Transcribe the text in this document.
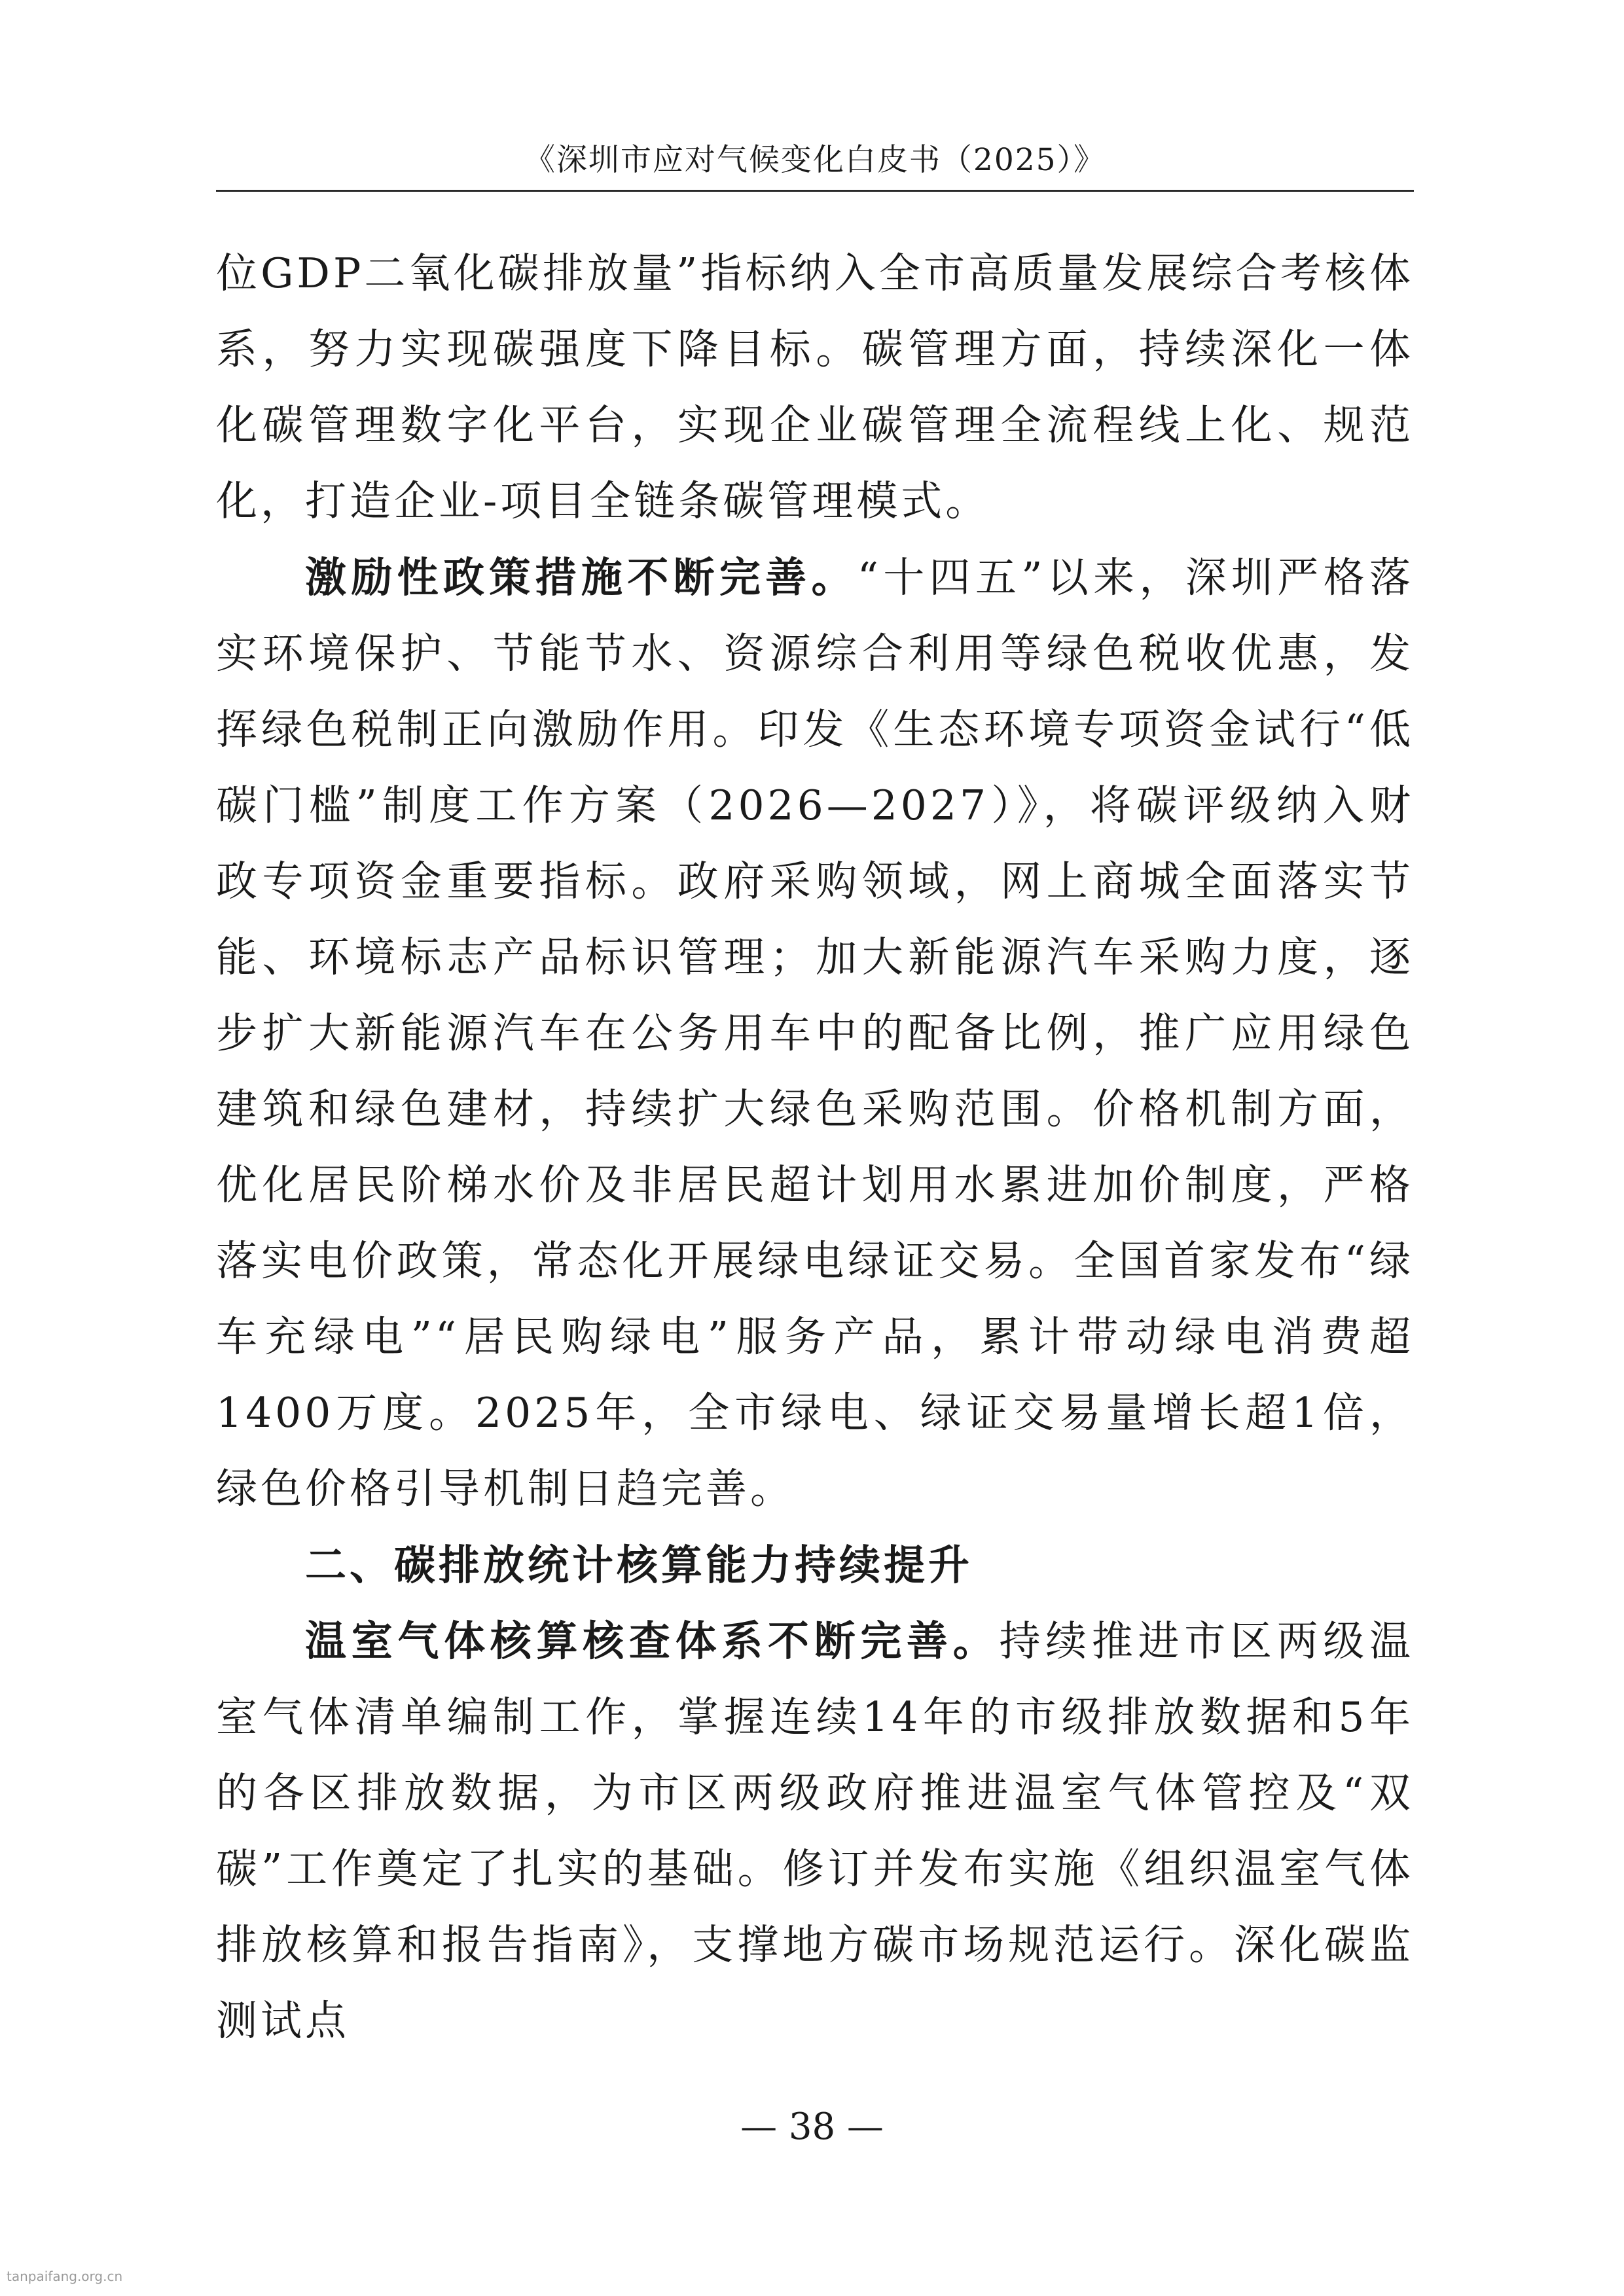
《深圳市应对气候变化白皮书（2025）》

位GDP二氧化碳排放量”指标纳入全市高质量发展综合考核体系，努力实现碳强度下降目标。碳管理方面，持续深化一体化碳管理数字化平台，实现企业碳管理全流程线上化、规范化，打造企业-项目全链条碳管理模式。

激励性政策措施不断完善。“十四五”以来，深圳严格落实环境保护、节能节水、资源综合利用等绿色税收优惠，发挥绿色税制正向激励作用。印发《生态环境专项资金试行“低碳门槛”制度工作方案（2026—2027）》，将碳评级纳入财政专项资金重要指标。政府采购领域，网上商城全面落实节能、环境标志产品标识管理；加大新能源汽车采购力度，逐步扩大新能源汽车在公务用车中的配备比例，推广应用绿色建筑和绿色建材，持续扩大绿色采购范围。价格机制方面，优化居民阶梯水价及非居民超计划用水累进加价制度，严格落实电价政策，常态化开展绿电绿证交易。全国首家发布“绿车充绿电”“居民购绿电”服务产品，累计带动绿电消费超1400万度。2025年，全市绿电、绿证交易量增长超1倍，绿色价格引导机制日趋完善。

二、碳排放统计核算能力持续提升

温室气体核算核查体系不断完善。持续推进市区两级温室气体清单编制工作，掌握连续14年的市级排放数据和5年的各区排放数据，为市区两级政府推进温室气体管控及“双碳”工作奠定了扎实的基础。修订并发布实施《组织温室气体排放核算和报告指南》，支撑地方碳市场规范运行。深化碳监测试点

— 38 —
tanpaifang.org.cn
